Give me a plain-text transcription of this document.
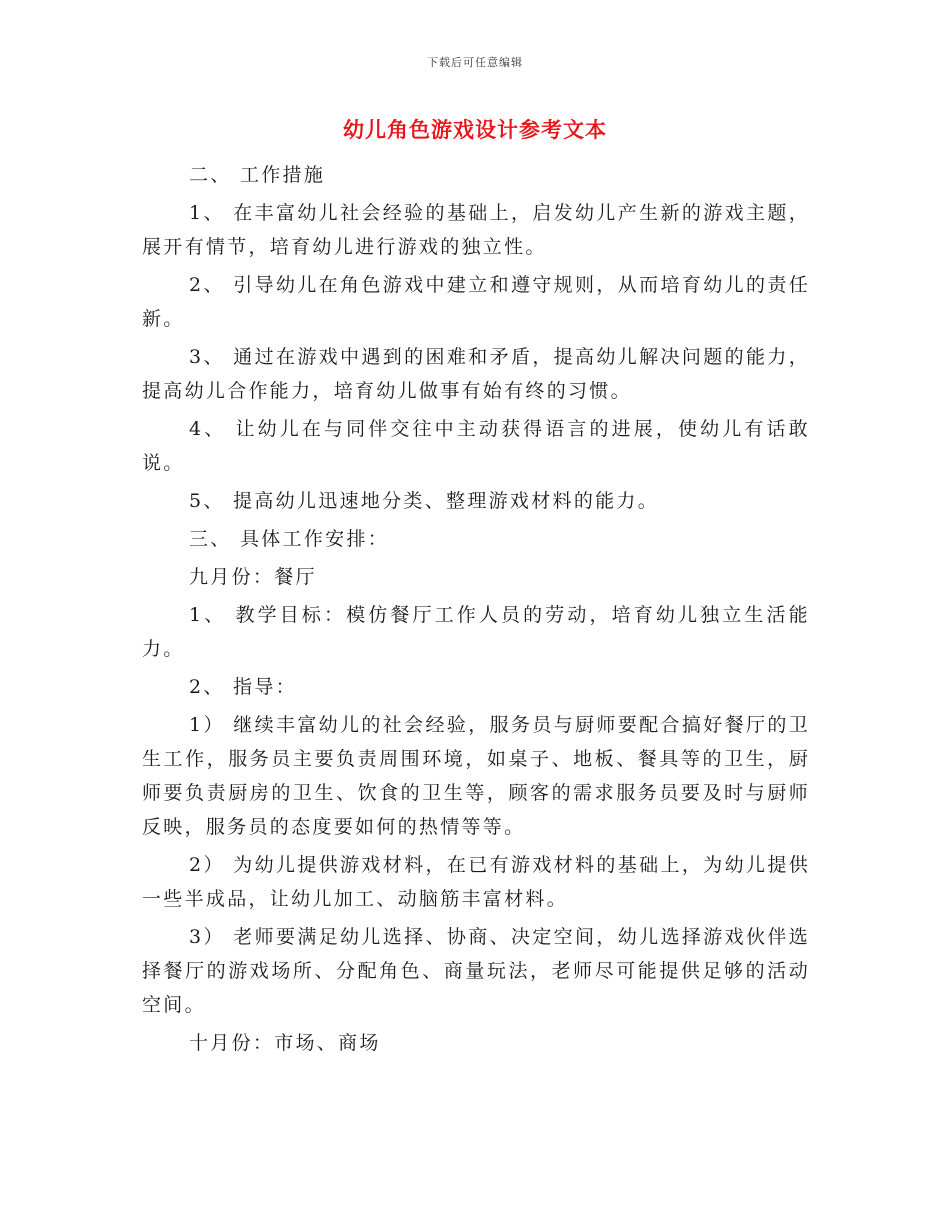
下载后可任意编辑
幼儿角色游戏设计参考文本

二、 工作措施

1、 在丰富幼儿社会经验的基础上，启发幼儿产生新的游戏主题，展开有情节，培育幼儿进行游戏的独立性。

2、 引导幼儿在角色游戏中建立和遵守规则，从而培育幼儿的责任新。

3、 通过在游戏中遇到的困难和矛盾，提高幼儿解决问题的能力，提高幼儿合作能力，培育幼儿做事有始有终的习惯。

4、 让幼儿在与同伴交往中主动获得语言的进展，使幼儿有话敢说。

5、 提高幼儿迅速地分类、整理游戏材料的能力。

三、 具体工作安排：

九月份：餐厅

1、 教学目标：模仿餐厅工作人员的劳动，培育幼儿独立生活能力。

2、 指导：

1） 继续丰富幼儿的社会经验，服务员与厨师要配合搞好餐厅的卫生工作，服务员主要负责周围环境，如桌子、地板、餐具等的卫生，厨师要负责厨房的卫生、饮食的卫生等，顾客的需求服务员要及时与厨师反映，服务员的态度要如何的热情等等。

2） 为幼儿提供游戏材料，在已有游戏材料的基础上，为幼儿提供一些半成品，让幼儿加工、动脑筋丰富材料。

3） 老师要满足幼儿选择、协商、决定空间，幼儿选择游戏伙伴选择餐厅的游戏场所、分配角色、商量玩法，老师尽可能提供足够的活动空间。

十月份：市场、商场
